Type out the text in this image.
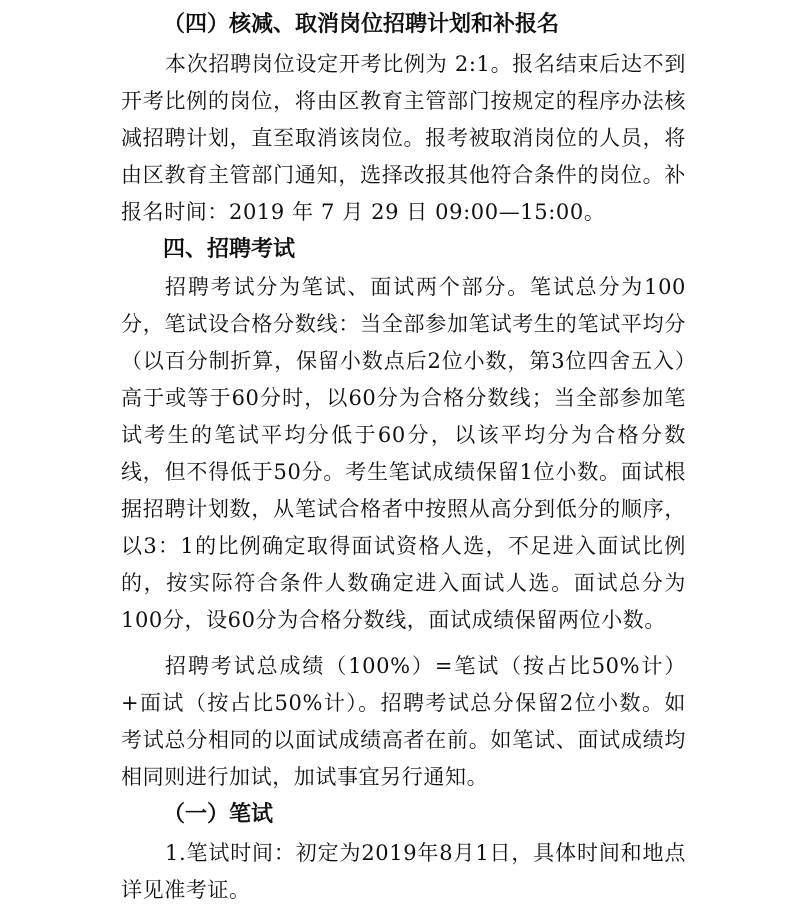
（四）核减、取消岗位招聘计划和补报名

本次招聘岗位设定开考比例为 2:1。报名结束后达不到开考比例的岗位，将由区教育主管部门按规定的程序办法核减招聘计划，直至取消该岗位。报考被取消岗位的人员，将由区教育主管部门通知，选择改报其他符合条件的岗位。补报名时间：2019 年 7 月 29 日 09:00—15:00。

四、招聘考试

招聘考试分为笔试、面试两个部分。笔试总分为100分，笔试设合格分数线：当全部参加笔试考生的笔试平均分（以百分制折算，保留小数点后2位小数，第3位四舍五入）高于或等于60分时，以60分为合格分数线；当全部参加笔试考生的笔试平均分低于60分，以该平均分为合格分数线，但不得低于50分。考生笔试成绩保留1位小数。面试根据招聘计划数，从笔试合格者中按照从高分到低分的顺序，以3：1的比例确定取得面试资格人选，不足进入面试比例的，按实际符合条件人数确定进入面试人选。面试总分为100分，设60分为合格分数线，面试成绩保留两位小数。

招聘考试总成绩（100%）=笔试（按占比50%计）+面试（按占比50%计）。招聘考试总分保留2位小数。如考试总分相同的以面试成绩高者在前。如笔试、面试成绩均相同则进行加试，加试事宜另行通知。

（一）笔试

1.笔试时间：初定为2019年8月1日，具体时间和地点详见准考证。
